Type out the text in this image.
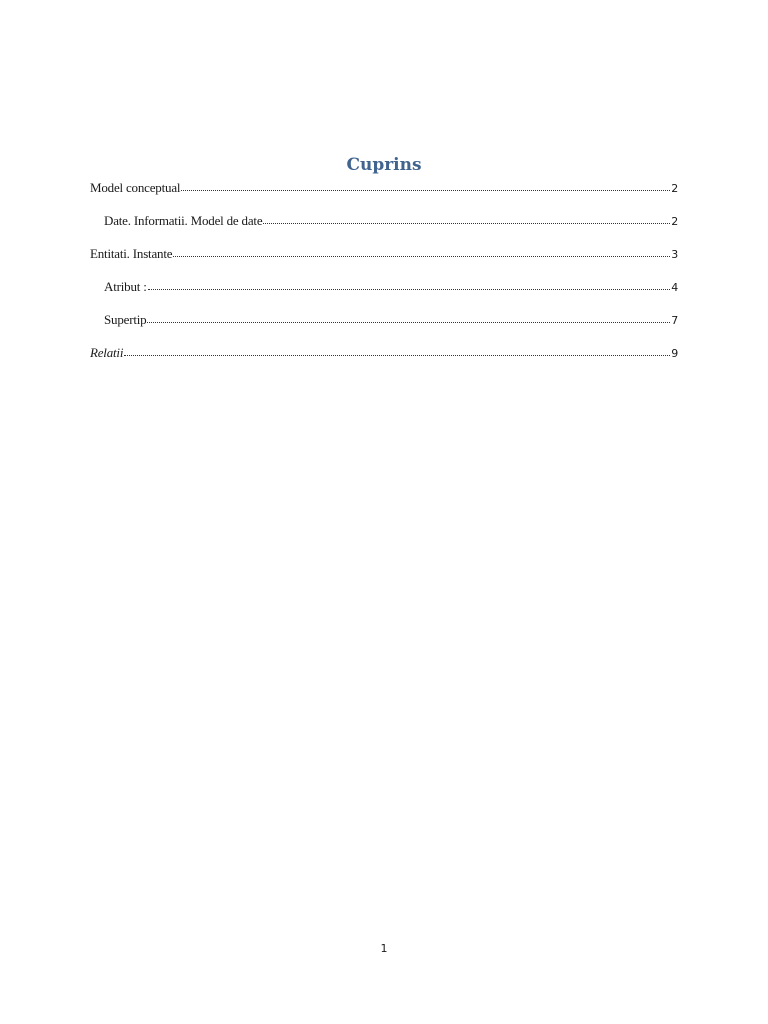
Cuprins
Model conceptual	2
Date. Informatii. Model de date	2
Entitati. Instante	3
Atribut :	4
Supertip	7
Relatii	9
1
